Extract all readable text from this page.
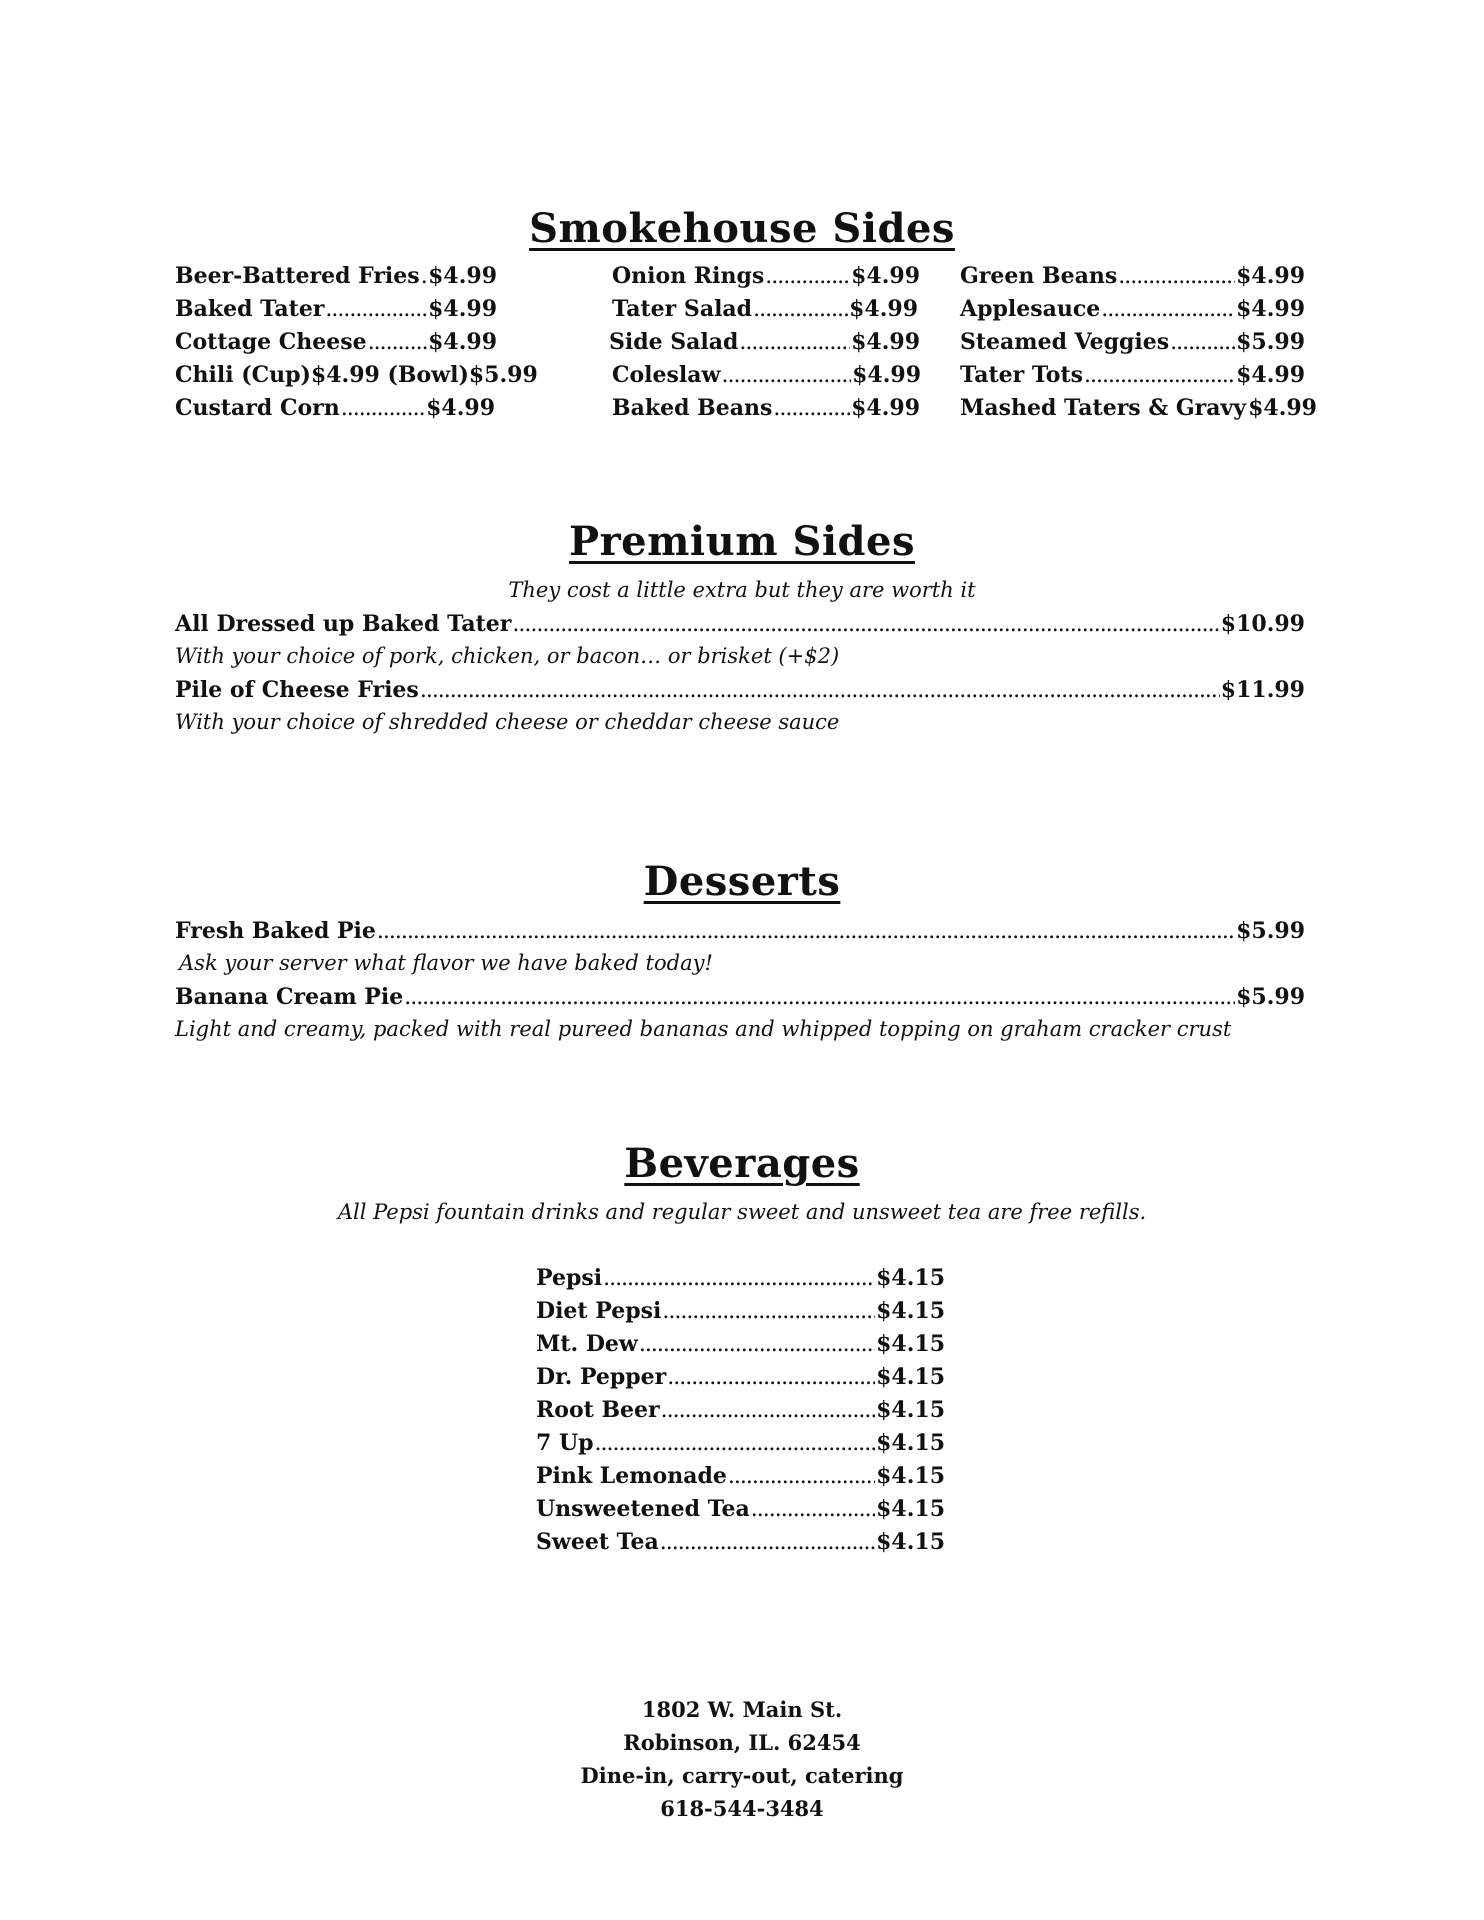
Smokehouse Sides
Beer-Battered Fries ..... $4.99
Baked Tater .....	$4.99
Cottage Cheese .....	$4.99
Chili (Cup)$4.99 (Bowl)$5.99
Custard Corn .....	$4.99
Onion Rings .....	$4.99
Tater Salad .....	$4.99
Side Salad .....	$4.99
Coleslaw .....	$4.99
Baked Beans .....	$4.99
Green Beans .....	$4.99
Applesauce .....	$4.99
Steamed Veggies .....	$5.99
Tater Tots .....	$4.99
Mashed Taters & Gravy $4.99
Premium Sides
They cost a little extra but they are worth it
All Dressed up Baked Tater .....	$10.99
With your choice of pork, chicken, or bacon… or brisket (+$2)
Pile of Cheese Fries .....	$11.99
With your choice of shredded cheese or cheddar cheese sauce
Desserts
Fresh Baked Pie .....	$5.99
Ask your server what flavor we have baked today!
Banana Cream Pie .....	$5.99
Light and creamy, packed with real pureed bananas and whipped topping on graham cracker crust
Beverages
All Pepsi fountain drinks and regular sweet and unsweet tea are free refills.
Pepsi .....	$4.15
Diet Pepsi .....	$4.15
Mt. Dew .....	$4.15
Dr. Pepper .....	$4.15
Root Beer .....	$4.15
7 Up .....	$4.15
Pink Lemonade .....	$4.15
Unsweetened Tea .....	$4.15
Sweet Tea .....	$4.15
1802 W. Main St.
Robinson, IL. 62454
Dine-in, carry-out, catering
618-544-3484
